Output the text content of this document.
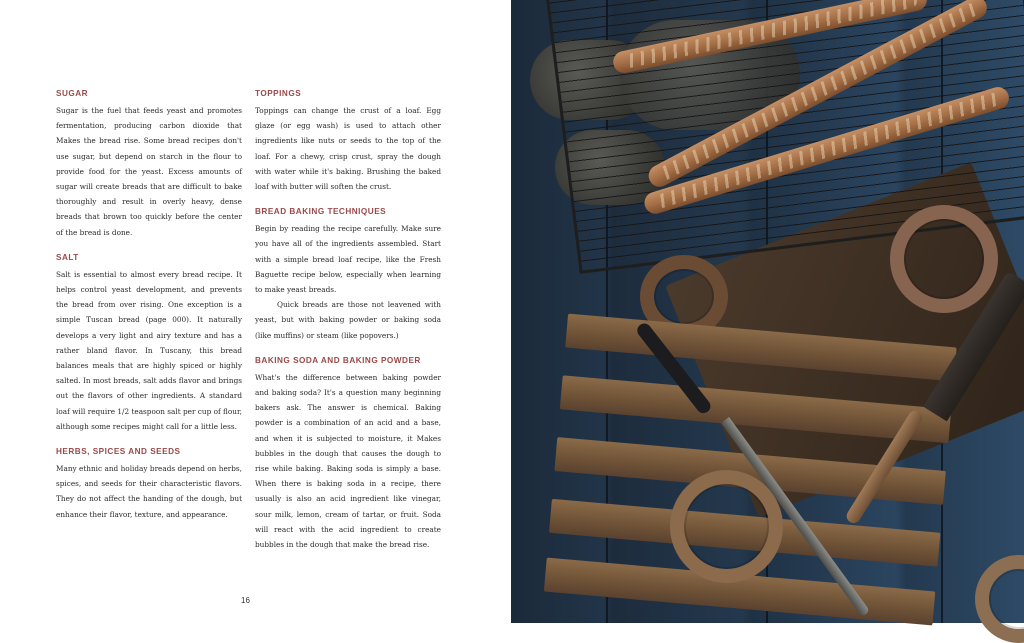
SUGAR

Sugar is the fuel that feeds yeast and promotes fermentation, producing carbon dioxide that Makes the bread rise. Some bread recipes don't use sugar, but depend on starch in the flour to provide food for the yeast. Excess amounts of sugar will create breads that are difficult to bake thoroughly and result in overly heavy, dense breads that brown too quickly before the center of the bread is done.

SALT

Salt is essential to almost every bread recipe. It helps control yeast development, and prevents the bread from over rising. One exception is a simple Tuscan bread (page 000). It naturally develops a very light and airy texture and has a rather bland flavor. In Tuscany, this bread balances meals that are highly spiced or highly salted. In most breads, salt adds flavor and brings out the flavors of other ingredients. A standard loaf will require 1/2 teaspoon salt per cup of flour, although some recipes might call for a little less.

HERBS, SPICES AND SEEDS

Many ethnic and holiday breads depend on herbs, spices, and seeds for their characteristic flavors. They do not affect the handing of the dough, but enhance their flavor, texture, and appearance.

TOPPINGS

Toppings can change the crust of a loaf. Egg glaze (or egg wash) is used to attach other ingredients like nuts or seeds to the top of the loaf. For a chewy, crisp crust, spray the dough with water while it's baking. Brushing the baked loaf with butter will soften the crust.

BREAD BAKING TECHNIQUES

Begin by reading the recipe carefully. Make sure you have all of the ingredients assembled. Start with a simple bread loaf recipe, like the Fresh Baguette recipe below, especially when learning to make yeast breads.

Quick breads are those not leavened with yeast, but with baking powder or baking soda (like muffins) or steam (like popovers.)

BAKING SODA AND BAKING POWDER

What's the difference between baking powder and baking soda? It's a question many beginning bakers ask. The answer is chemical. Baking powder is a combination of an acid and a base, and when it is subjected to moisture, it Makes bubbles in the dough that causes the dough to rise while baking. Baking soda is simply a base. When there is baking soda in a recipe, there usually is also an acid ingredient like vinegar, sour milk, lemon, cream of tartar, or fruit. Soda will react with the acid ingredient to create bubbles in the dough that make the bread rise.

16
